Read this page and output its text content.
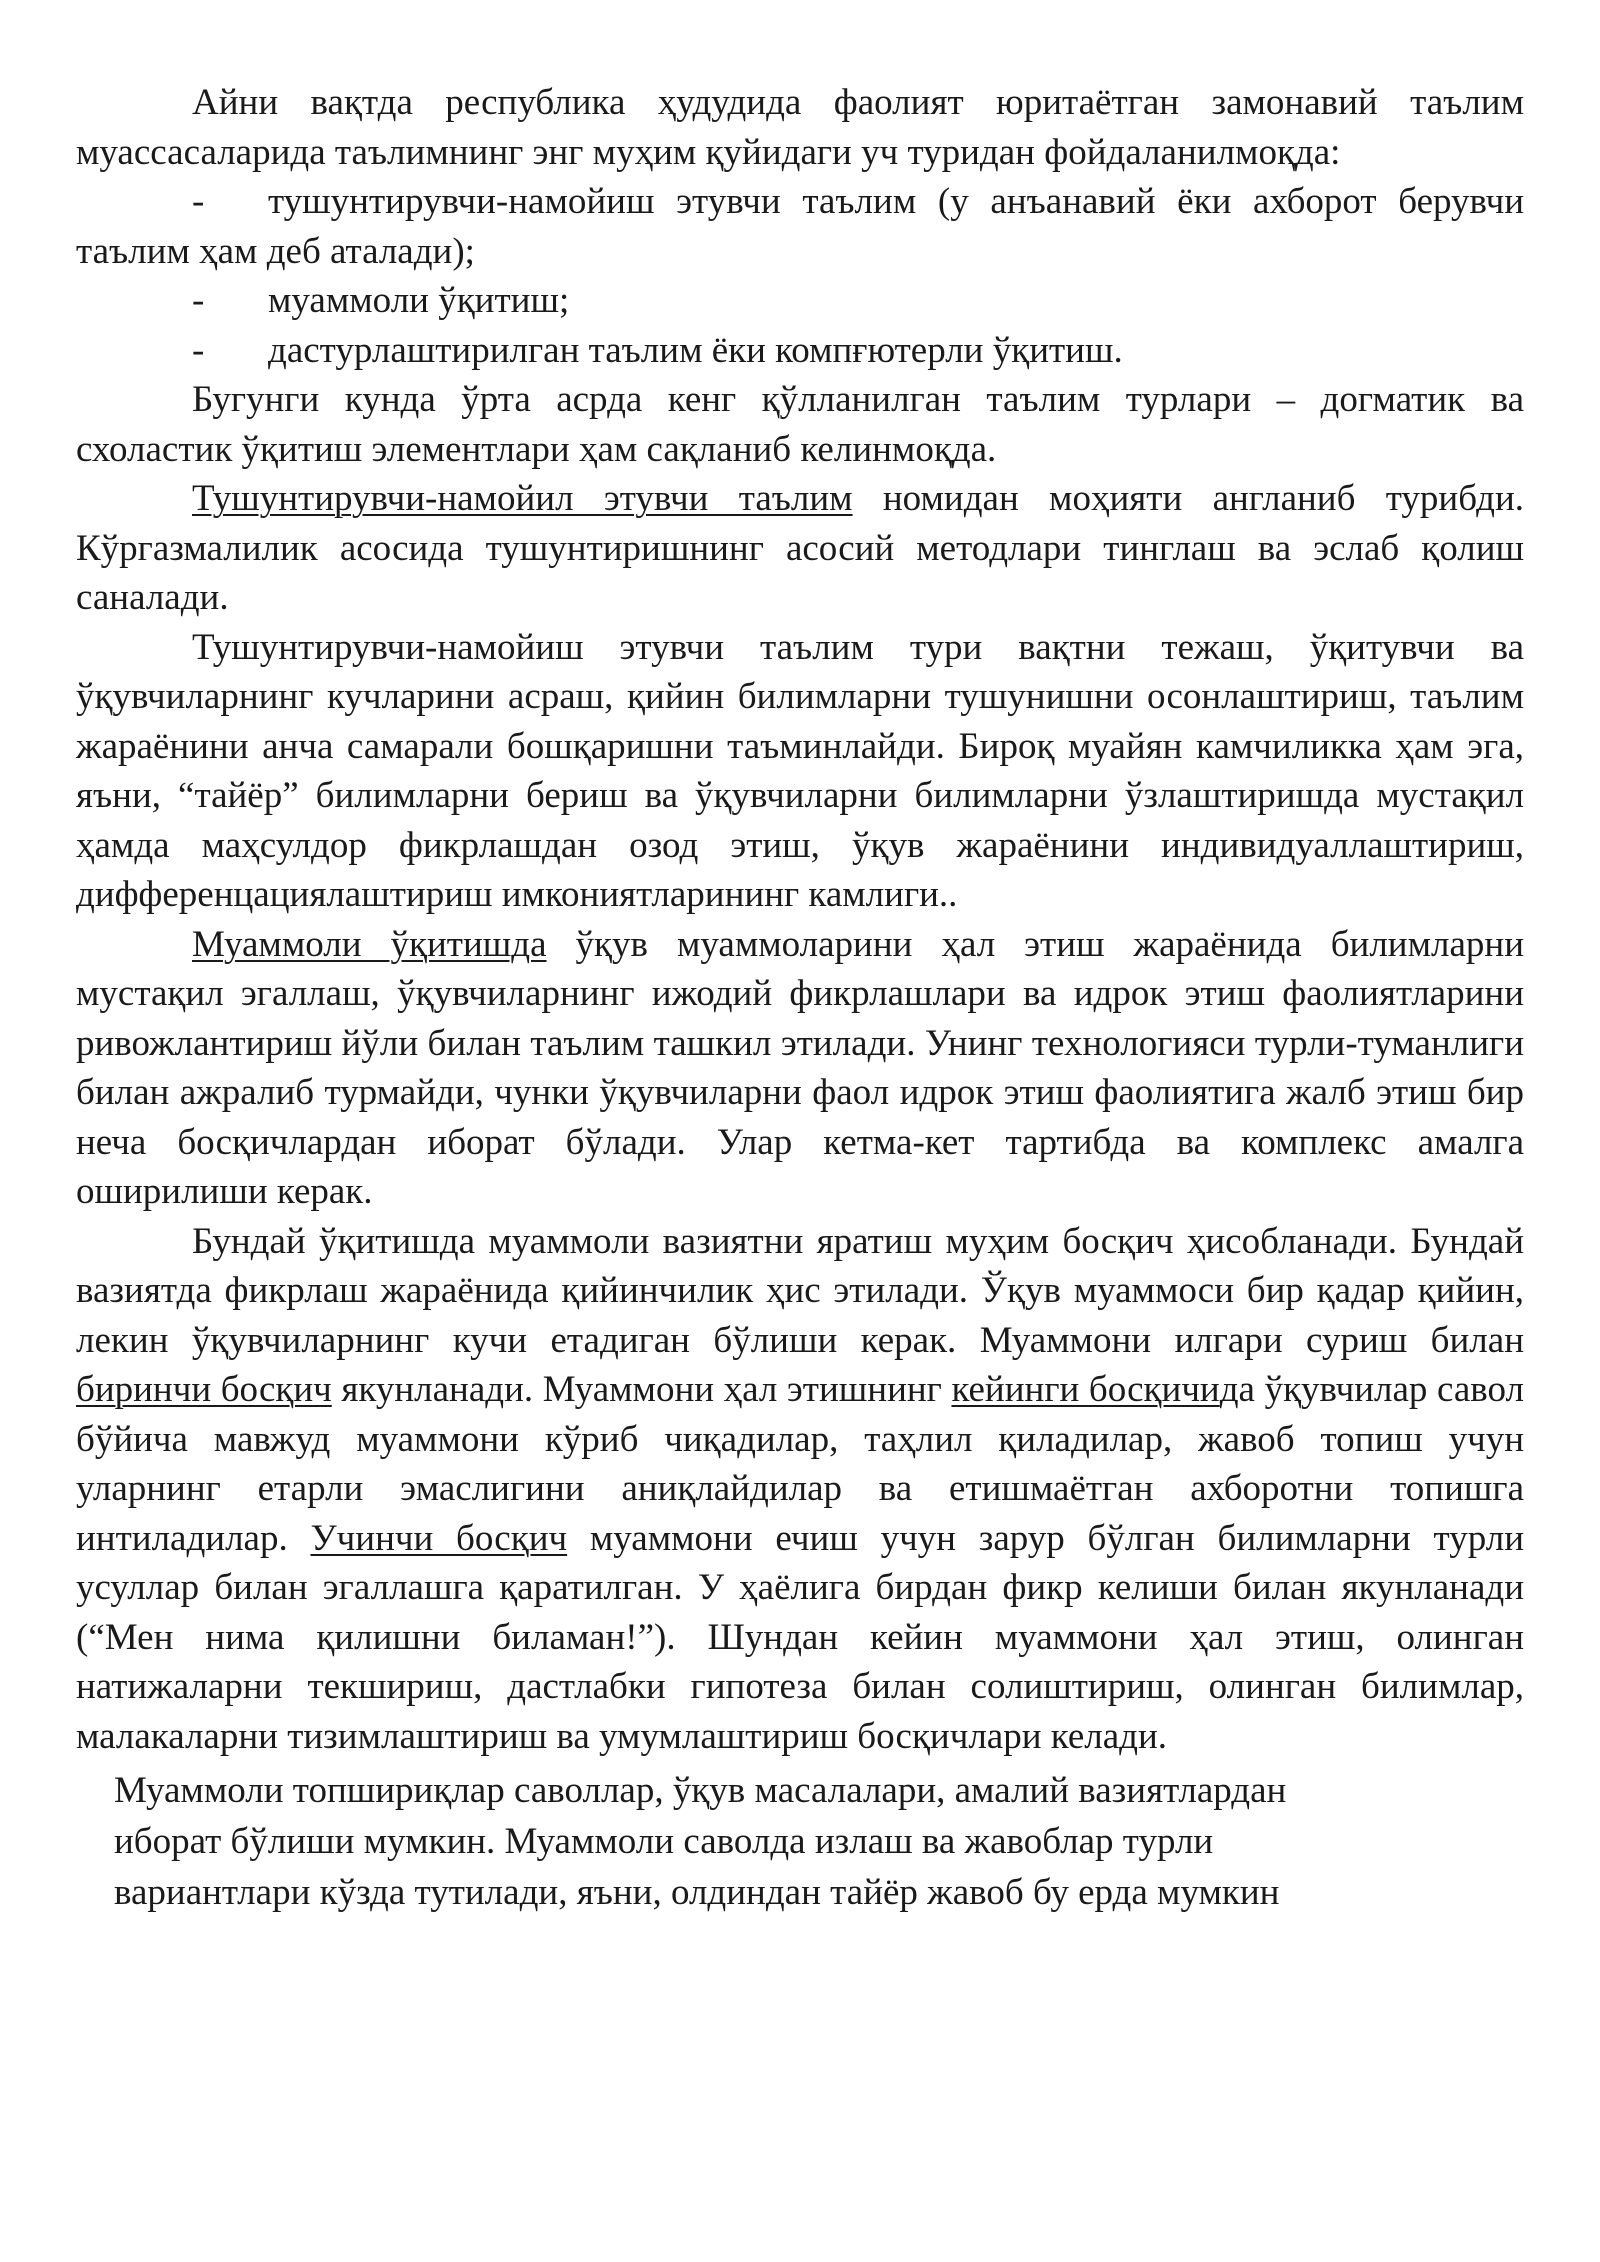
Айни вақтда республика ҳудудида фаолият юритаётган замонавий таълим муассасаларида таълимнинг энг муҳим қуйидаги уч туридан фойдаланилмоқда:

- тушунтирувчи-намойиш этувчи таълим (у анъанавий ёки ахборот берувчи таълим ҳам деб аталади);

- муаммоли ўқитиш;

- дастурлаштирилган таълим ёки компғютерли ўқитиш.

Бугунги кунда ўрта асрда кенг қўлланилган таълим турлари – догматик ва схоластик ўқитиш элементлари ҳам сақланиб келинмоқда.

Тушунтирувчи-намойил этувчи таълим номидан моҳияти англаниб турибди. Кўргазмалилик асосида тушунтиришнинг асосий методлари тинглаш ва эслаб қолиш саналади.

Тушунтирувчи-намойиш этувчи таълим тури вақтни тежаш, ўқитувчи ва ўқувчиларнинг кучларини асраш, қийин билимларни тушунишни осонлаштириш, таълим жараёнини анча самарали бошқаришни таъминлайди. Бироқ муайян камчиликка ҳам эга, яъни, “тайёр” билимларни бериш ва ўқувчиларни билимларни ўзлаштиришда мустақил ҳамда маҳсулдор фикрлашдан озод этиш, ўқув жараёнини индивидуаллаштириш, дифференцациялаштириш имкониятларининг камлиги..

Муаммоли ўқитишда ўқув муаммоларини ҳал этиш жараёнида билимларни мустақил эгаллаш, ўқувчиларнинг ижодий фикрлашлари ва идрок этиш фаолиятларини ривожлантириш йўли билан таълим ташкил этилади. Унинг технологияси турли-туманлиги билан ажралиб турмайди, чунки ўқувчиларни фаол идрок этиш фаолиятига жалб этиш бир неча босқичлардан иборат бўлади. Улар кетма-кет тартибда ва комплекс амалга оширилиши керак.

Бундай ўқитишда муаммоли вазиятни яратиш муҳим босқич ҳисобланади. Бундай вазиятда фикрлаш жараёнида қийинчилик ҳис этилади. Ўқув муаммоси бир қадар қийин, лекин ўқувчиларнинг кучи етадиган бўлиши керак. Муаммони илгари суриш билан биринчи босқич якунланади. Муаммони ҳал этишнинг кейинги босқичида ўқувчилар савол бўйича мавжуд муаммони кўриб чиқадилар, таҳлил қиладилар, жавоб топиш учун уларнинг етарли эмаслигини аниқлайдилар ва етишмаётган ахборотни топишга интиладилар. Учинчи босқич муаммони ечиш учун зарур бўлган билимларни турли усуллар билан эгаллашга қаратилган. У ҳаёлига бирдан фикр келиши билан якунланади (“Мен нима қилишни биламан!”). Шундан кейин муаммони ҳал этиш, олинган натижаларни текшириш, дастлабки гипотеза билан солиштириш, олинган билимлар, малакаларни тизимлаштириш ва умумлаштириш босқичлари келади.

Муаммоли топшириқлар саволлар, ўқув масалалари, амалий вазиятлардан
иборат бўлиши мумкин. Муаммоли саволда излаш ва жавоблар турли
вариантлари кўзда тутилади, яъни, олдиндан тайёр жавоб бу ерда мумкин
